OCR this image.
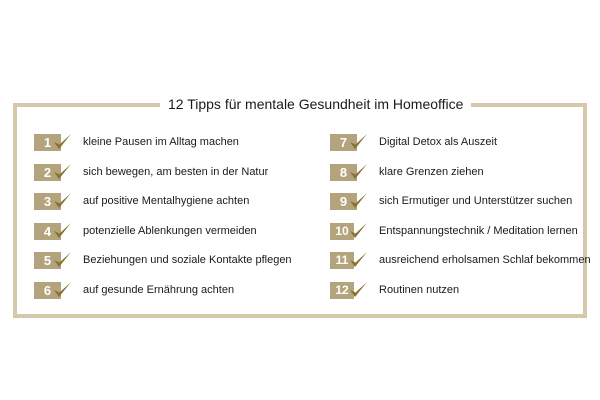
12 Tipps für mentale Gesundheit im Homeoffice
1	kleine Pausen im Alltag machen
2	sich bewegen, am besten in der Natur
3	auf positive Mentalhygiene achten
4	potenzielle Ablenkungen vermeiden
5	Beziehungen und soziale Kontakte pflegen
6	auf gesunde Ernährung achten
7	Digital Detox als Auszeit
8	klare Grenzen ziehen
9	sich Ermutiger und Unterstützer suchen
10	Entspannungstechnik / Meditation lernen
11	ausreichend erholsamen Schlaf bekommen
12	Routinen nutzen
